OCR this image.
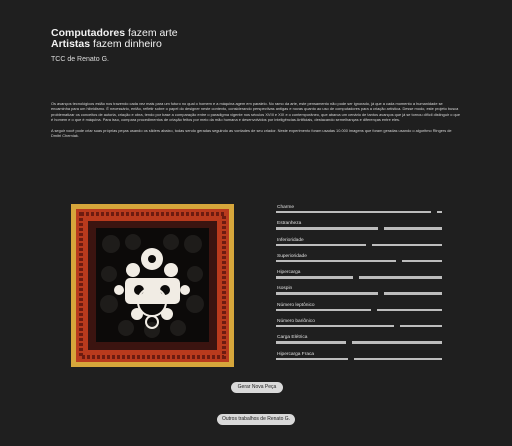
Computadores fazem arte
Artistas fazem dinheiro
TCC de Renato G.

Os avanços tecnológicos estão nos trazendo cada vez mais para um futuro no qual o homem e a máquina agem em paralelo. No ramo da arte, este pensamento não pode ser ignorado, já que a cada momento a humanidade se encaminha para um hibridismo. É necessário, então, refletir sobre o papel do designer neste contexto, considerando perspectivas antigas e novas quanto ao uso de computadores para a criação artística. Desse modo, este projeto busca problematizar os conceitos de autoria, criação e obra, tendo por base a comparação entre o paradigma vigente nos séculos XVIII e XIX e o contemporâneo, que abarca um cenário de tantos avanços que já se tornou difícil distinguir o que é homem e o que é máquina. Para isso, compara procedimentos de criação feitos por meio da mão humana e desenvolvidos por inteligências Artificiais, destacando semelhanças e diferenças entre eles.

A seguir você pode criar suas próprias peças usando os sliders abaixo, todas sendo geradas seguindo as vontades de seu criador. Neste experimento foram usadas 10.000 imagens que foram geradas usando o algoritmo Ringers de Dmitri Cherniak.

Charme
Estranheza
Inferioridade
Superioridade
Hipercarga
Isospin
Número leptônico
Número bariônico
Carga Elétrica
Hipercarga Fraca
Gerar Nova Peça
Outros trabalhos de Renato G.
